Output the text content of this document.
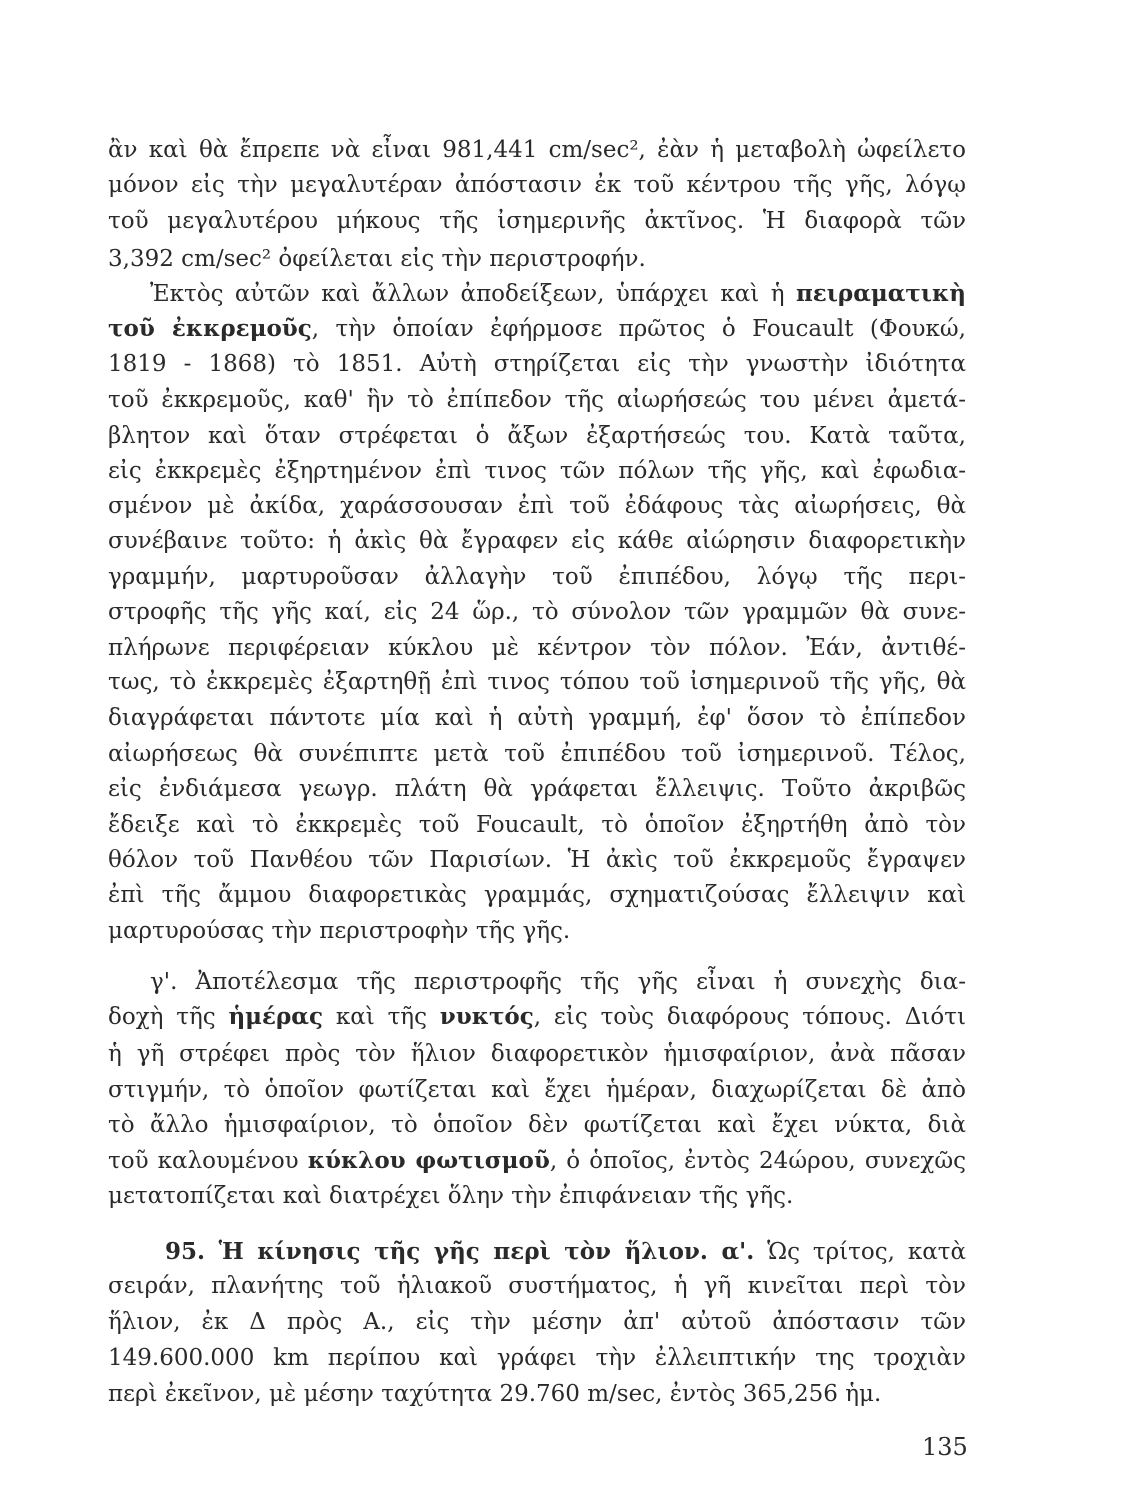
ἂν καὶ θὰ ἔπρεπε νὰ εἶναι 981,441 cm/sec², ἐὰν ἡ μεταβολὴ ὠφείλετο
μόνον εἰς τὴν μεγαλυτέραν ἀπόστασιν ἐκ τοῦ κέντρου τῆς γῆς, λόγῳ
τοῦ μεγαλυτέρου μήκους τῆς ἰσημερινῆς ἀκτῖνος. Ἡ διαφορὰ τῶν
3,392 cm/sec² ὀφείλεται εἰς τὴν περιστροφήν.
Ἐκτὸς αὐτῶν καὶ ἄλλων ἀποδείξεων, ὑπάρχει καὶ ἡ πειραματικὴ
τοῦ ἐκκρεμοῦς, τὴν ὁποίαν ἐφήρμοσε πρῶτος ὁ Foucault (Φουκώ,
1819 - 1868) τὸ 1851. Αὐτὴ στηρίζεται εἰς τὴν γνωστὴν ἰδιότητα
τοῦ ἐκκρεμοῦς, καθ' ἣν τὸ ἐπίπεδον τῆς αἰωρήσεώς του μένει ἀμετά-
βλητον καὶ ὅταν στρέφεται ὁ ἄξων ἐξαρτήσεώς του. Κατὰ ταῦτα,
εἰς ἐκκρεμὲς ἐξηρτημένον ἐπὶ τινος τῶν πόλων τῆς γῆς, καὶ ἐφωδια-
σμένον μὲ ἀκίδα, χαράσσουσαν ἐπὶ τοῦ ἐδάφους τὰς αἰωρήσεις, θὰ
συνέβαινε τοῦτο: ἡ ἀκὶς θὰ ἔγραφεν εἰς κάθε αἰώρησιν διαφορετικὴν
γραμμήν, μαρτυροῦσαν ἀλλαγὴν τοῦ ἐπιπέδου, λόγῳ τῆς περι-
στροφῆς τῆς γῆς καί, εἰς 24 ὥρ., τὸ σύνολον τῶν γραμμῶν θὰ συνε-
πλήρωνε περιφέρειαν κύκλου μὲ κέντρον τὸν πόλον. Ἐάν, ἀντιθέ-
τως, τὸ ἐκκρεμὲς ἐξαρτηθῇ ἐπὶ τινος τόπου τοῦ ἰσημερινοῦ τῆς γῆς, θὰ
διαγράφεται πάντοτε μία καὶ ἡ αὐτὴ γραμμή, ἐφ' ὅσον τὸ ἐπίπεδον
αἰωρήσεως θὰ συνέπιπτε μετὰ τοῦ ἐπιπέδου τοῦ ἰσημερινοῦ. Τέλος,
εἰς ἐνδιάμεσα γεωγρ. πλάτη θὰ γράφεται ἔλλειψις. Τοῦτο ἀκριβῶς
ἔδειξε καὶ τὸ ἐκκρεμὲς τοῦ Foucault, τὸ ὁποῖον ἐξηρτήθη ἀπὸ τὸν
θόλον τοῦ Πανθέου τῶν Παρισίων. Ἡ ἀκὶς τοῦ ἐκκρεμοῦς ἔγραψεν
ἐπὶ τῆς ἄμμου διαφορετικὰς γραμμάς, σχηματιζούσας ἔλλειψιν καὶ
μαρτυρούσας τὴν περιστροφὴν τῆς γῆς.
γ'. Ἀποτέλεσμα τῆς περιστροφῆς τῆς γῆς εἶναι ἡ συνεχὴς δια-
δοχὴ τῆς ἡμέρας καὶ τῆς νυκτός, εἰς τοὺς διαφόρους τόπους. Διότι
ἡ γῆ στρέφει πρὸς τὸν ἥλιον διαφορετικὸν ἡμισφαίριον, ἀνὰ πᾶσαν
στιγμήν, τὸ ὁποῖον φωτίζεται καὶ ἔχει ἡμέραν, διαχωρίζεται δὲ ἀπὸ
τὸ ἄλλο ἡμισφαίριον, τὸ ὁποῖον δὲν φωτίζεται καὶ ἔχει νύκτα, διὰ
τοῦ καλουμένου κύκλου φωτισμοῦ, ὁ ὁποῖος, ἐντὸς 24ώρου, συνεχῶς
μετατοπίζεται καὶ διατρέχει ὅλην τὴν ἐπιφάνειαν τῆς γῆς.
95. Ἡ κίνησις τῆς γῆς περὶ τὸν ἥλιον. α'. Ὡς τρίτος, κατὰ
σειράν, πλανήτης τοῦ ἡλιακοῦ συστήματος, ἡ γῆ κινεῖται περὶ τὸν
ἥλιον, ἐκ Δ πρὸς Α., εἰς τὴν μέσην ἀπ' αὐτοῦ ἀπόστασιν τῶν
149.600.000 km περίπου καὶ γράφει τὴν ἐλλειπτικήν της τροχιὰν
περὶ ἐκεῖνον, μὲ μέσην ταχύτητα 29.760 m/sec, ἐντὸς 365,256 ἡμ.
135
